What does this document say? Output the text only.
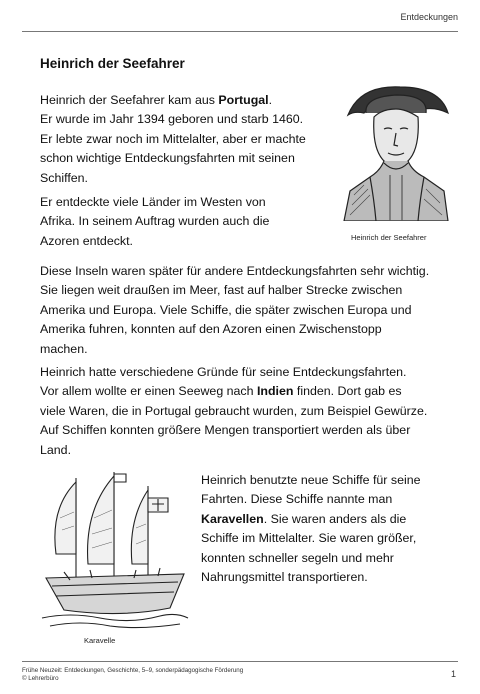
Entdeckungen
Heinrich der Seefahrer
Heinrich der Seefahrer kam aus Portugal.
Er wurde im Jahr 1394 geboren und starb 1460.
Er lebte zwar noch im Mittelalter, aber er machte
schon wichtige Entdeckungsfahrten mit seinen
Schiffen.
Er entdeckte viele Länder im Westen von
Afrika. In seinem Auftrag wurden auch die
Azoren entdeckt.
Diese Inseln waren später für andere Entdeckungsfahrten sehr wichtig.
Sie liegen weit draußen im Meer, fast auf halber Strecke zwischen
Amerika und Europa. Viele Schiffe, die später zwischen Europa und
Amerika fuhren, konnten auf den Azoren einen Zwischenstopp
machen.
Heinrich hatte verschiedene Gründe für seine Entdeckungsfahrten.
Vor allem wollte er einen Seeweg nach Indien finden. Dort gab es
viele Waren, die in Portugal gebraucht wurden, zum Beispiel Gewürze.
Auf Schiffen konnten größere Mengen transportiert werden als über
Land.
Heinrich benutzte neue Schiffe für seine
Fahrten. Diese Schiffe nannte man
Karavellen. Sie waren anders als die
Schiffe im Mittelalter. Sie waren größer,
konnten schneller segeln und mehr
Nahrungsmittel transportieren.
Heinrich der Seefahrer
Karavelle
Frühe Neuzeit: Entdeckungen, Geschichte, 5–9, sonderpädagogische Förderung
© Lehrerbüro	1
